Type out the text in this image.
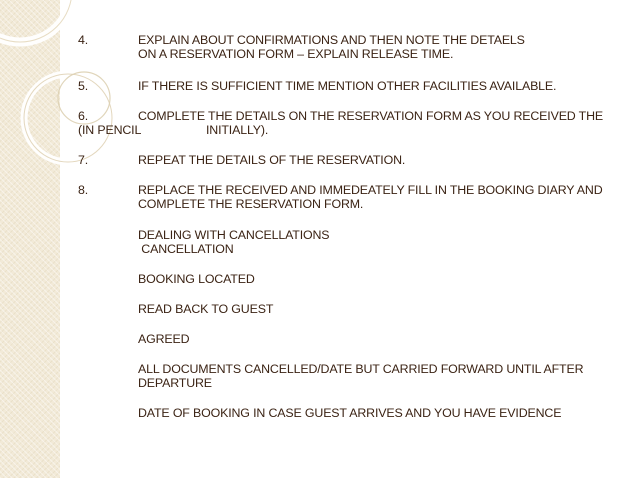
4.	EXPLAIN ABOUT CONFIRMATIONS AND THEN NOTE THE DETAELS
ON A RESERVATION FORM – EXPLAIN RELEASE TIME.
5.	IF THERE IS SUFFICIENT TIME MENTION OTHER FACILITIES AVAILABLE.
6.	COMPLETE THE DETAILS ON THE RESERVATION FORM AS YOU RECEIVED THE
(IN PENCIL	INITIALLY).
7.	REPEAT THE DETAILS OF THE RESERVATION.
8.	REPLACE THE RECEIVED AND IMMEDEATELY FILL IN THE BOOKING DIARY AND
COMPLETE THE RESERVATION FORM.
DEALING WITH CANCELLATIONS
CANCELLATION
BOOKING LOCATED
READ BACK TO GUEST
AGREED
ALL DOCUMENTS CANCELLED/DATE BUT CARRIED FORWARD UNTIL AFTER
DEPARTURE
DATE OF BOOKING IN CASE GUEST ARRIVES AND YOU HAVE EVIDENCE
